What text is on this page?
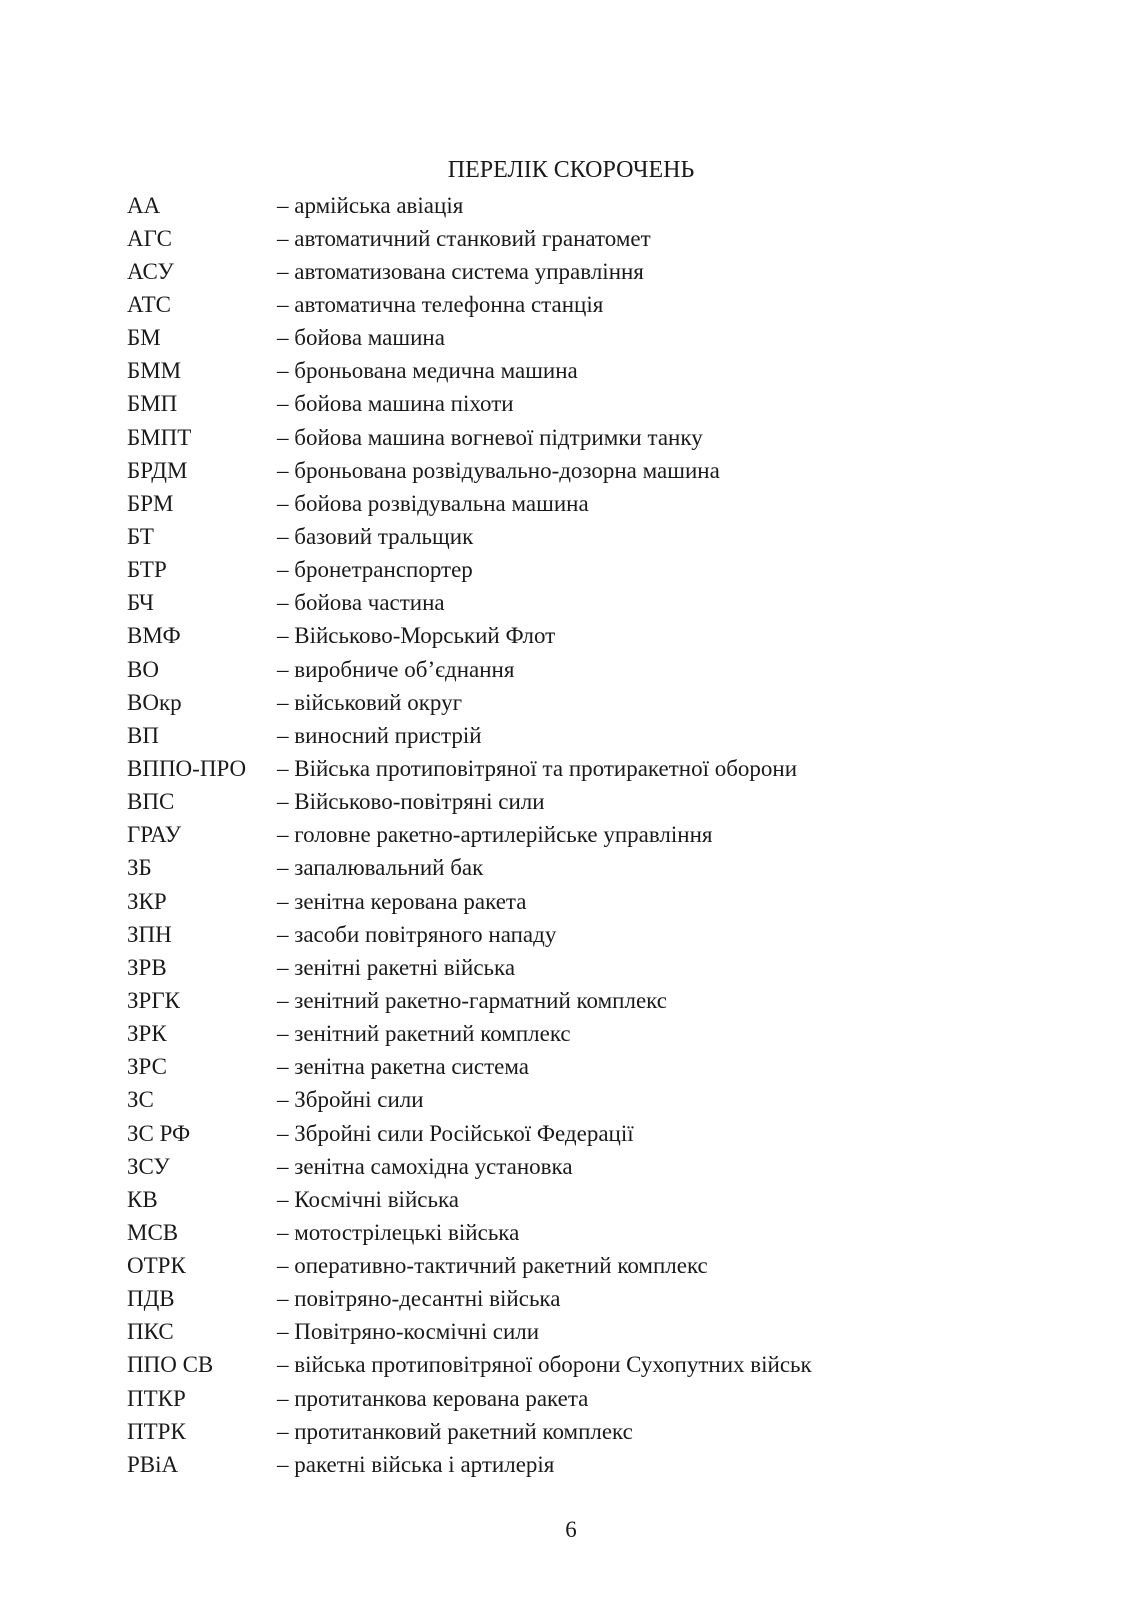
ПЕРЕЛІК СКОРОЧЕНЬ
АА	– армійська авіація
АГС	– автоматичний станковий гранатомет
АСУ	– автоматизована система управління
АТС	– автоматична телефонна станція
БМ	– бойова машина
БММ	– броньована медична машина
БМП	– бойова машина піхоти
БМПТ	– бойова машина вогневої підтримки танку
БРДМ	– броньована розвідувально-дозорна машина
БРМ	– бойова розвідувальна машина
БТ	– базовий тральщик
БТР	– бронетранспортер
БЧ	– бойова частина
ВМФ	– Військово-Морський Флот
ВО	– виробниче об’єднання
ВОкр	– військовий округ
ВП	– виносний пристрій
ВППО-ПРО	– Війська протиповітряної та протиракетної оборони
ВПС	– Військово-повітряні сили
ГРАУ	– головне ракетно-артилерійське управління
ЗБ	– запалювальний бак
ЗКР	– зенітна керована ракета
ЗПН	– засоби повітряного нападу
ЗРВ	– зенітні ракетні війська
ЗРГК	– зенітний ракетно-гарматний комплекс
ЗРК	– зенітний ракетний комплекс
ЗРС	– зенітна ракетна система
ЗС	– Збройні сили
ЗС РФ	– Збройні сили Російської Федерації
ЗСУ	– зенітна самохідна установка
КВ	– Космічні війська
МСВ	– мотострілецькі війська
ОТРК	– оперативно-тактичний ракетний комплекс
ПДВ	– повітряно-десантні війська
ПКС	– Повітряно-космічні сили
ППО СВ	– війська протиповітряної оборони Сухопутних військ
ПТКР	– протитанкова керована ракета
ПТРК	– протитанковий ракетний комплекс
РВіА	– ракетні війська і артилерія
6
